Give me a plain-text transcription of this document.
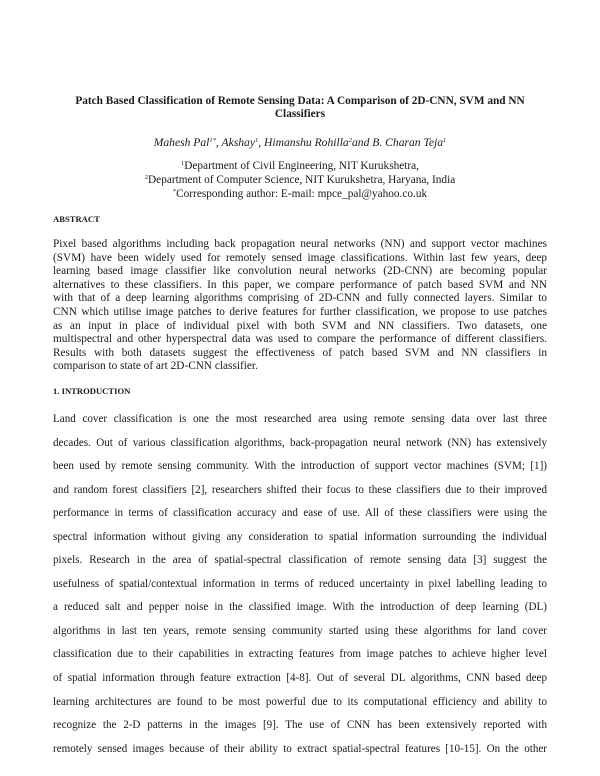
Patch Based Classification of Remote Sensing Data: A Comparison of 2D-CNN, SVM and NN
Classifiers
Mahesh Pal$^{1*}$, Akshay$^1$, Himanshu Rohilla$^2$and B. Charan Teja$^1$
$^1$Department of Civil Engineering, NIT Kurukshetra,
$^2$Department of Computer Science, NIT Kurukshetra, Haryana, India
*Corresponding author: E-mail: mpce_pal@yahoo.co.uk
ABSTRACT
Pixel based algorithms including back propagation neural networks (NN) and support vector machines
(SVM) have been widely used for remotely sensed image classifications. Within last few years, deep
learning based image classifier like convolution neural networks (2D-CNN) are becoming popular
alternatives to these classifiers. In this paper, we compare performance of patch based SVM and NN
with that of a deep learning algorithms comprising of 2D-CNN and fully connected layers. Similar to
CNN which utilise image patches to derive features for further classification, we propose to use patches
as an input in place of individual pixel with both SVM and NN classifiers. Two datasets, one
multispectral and other hyperspectral data was used to compare the performance of different classifiers.
Results with both datasets suggest the effectiveness of patch based SVM and NN classifiers in
comparison to state of art 2D-CNN classifier.
1. INTRODUCTION
Land cover classification is one the most researched area using remote sensing data over last three
decades. Out of various classification algorithms, back-propagation neural network (NN) has extensively
been used by remote sensing community. With the introduction of support vector machines (SVM; [1])
and random forest classifiers [2], researchers shifted their focus to these classifiers due to their improved
performance in terms of classification accuracy and ease of use. All of these classifiers were using the
spectral information without giving any consideration to spatial information surrounding the individual
pixels. Research in the area of spatial-spectral classification of remote sensing data [3] suggest the
usefulness of spatial/contextual information in terms of reduced uncertainty in pixel labelling leading to
a reduced salt and pepper noise in the classified image. With the introduction of deep learning (DL)
algorithms in last ten years, remote sensing community started using these algorithms for land cover
classification due to their capabilities in extracting features from image patches to achieve higher level
of spatial information through feature extraction [4-8]. Out of several DL algorithms, CNN based deep
learning architectures are found to be most powerful due to its computational efficiency and ability to
recognize the 2-D patterns in the images [9]. The use of CNN has been extensively reported with
remotely sensed images because of their ability to extract spatial-spectral features [10-15]. On the other
